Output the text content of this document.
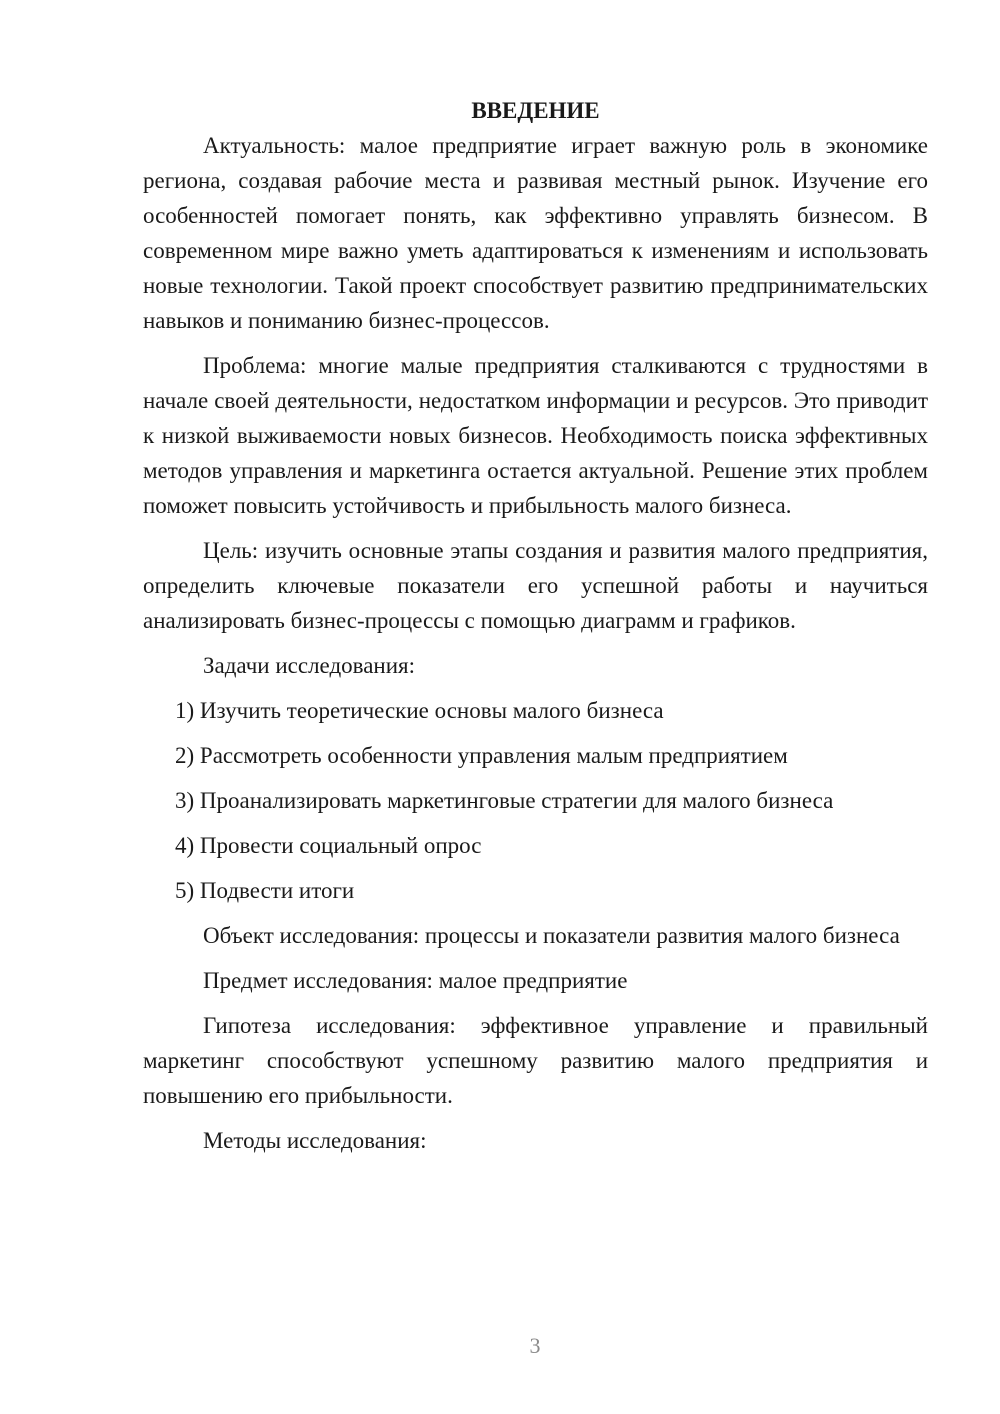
ВВЕДЕНИЕ

Актуальность: малое предприятие играет важную роль в экономике региона, создавая рабочие места и развивая местный рынок. Изучение его особенностей помогает понять, как эффективно управлять бизнесом. В современном мире важно уметь адаптироваться к изменениям и использовать новые технологии. Такой проект способствует развитию предпринимательских навыков и пониманию бизнес-процессов.

Проблема: многие малые предприятия сталкиваются с трудностями в начале своей деятельности, недостатком информации и ресурсов. Это приводит к низкой выживаемости новых бизнесов. Необходимость поиска эффективных методов управления и маркетинга остается актуальной. Решение этих проблем поможет повысить устойчивость и прибыльность малого бизнеса.

Цель: изучить основные этапы создания и развития малого предприятия, определить ключевые показатели его успешной работы и научиться анализировать бизнес-процессы с помощью диаграмм и графиков.

Задачи исследования:

1) Изучить теоретические основы малого бизнеса

2) Рассмотреть особенности управления малым предприятием

3) Проанализировать маркетинговые стратегии для малого бизнеса

4) Провести социальный опрос

5) Подвести итоги

Объект исследования: процессы и показатели развития малого бизнеса

Предмет исследования: малое предприятие

Гипотеза исследования: эффективное управление и правильный маркетинг способствуют успешному развитию малого предприятия и повышению его прибыльности.

Методы исследования:

3
